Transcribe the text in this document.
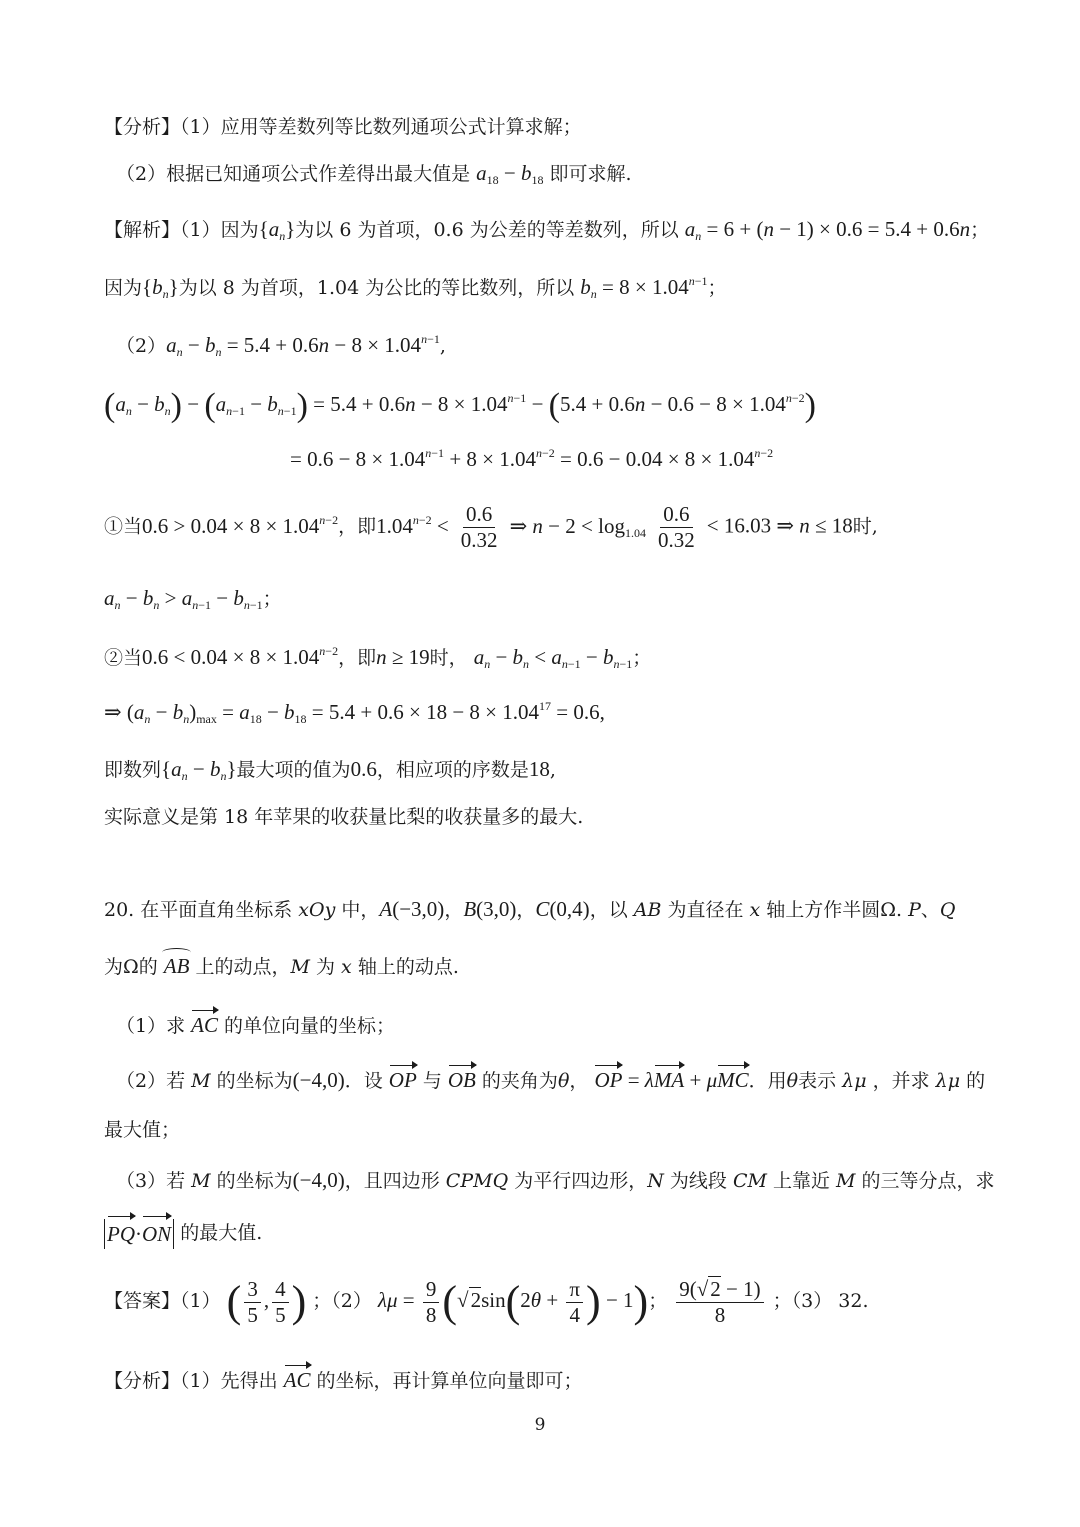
【分析】（1）应用等差数列等比数列通项公式计算求解；
（2）根据已知通项公式作差得出最大值是 $a_{18} - b_{18}$ 即可求解.
【解析】（1）因为$\{a_n\}$为以 6 为首项，0.6 为公差的等差数列，所以 $a_n = 6 + (n - 1) \times 0.6 = 5.4 + 0.6n$；
因为$\{b_n\}$为以 8 为首项，1.04 为公比的等比数列，所以 $b_n = 8 \times 1.04^{n-1}$；
$(2)a_n - b_n = 5.4 + 0.6n - 8 \times 1.04^{n-1}$,
$(a_n - b_n) - (a_{n-1} - b_{n-1}) = 5.4 + 0.6n - 8 \times 1.04^{n-1} - (5.4 + 0.6n - 0.6 - 8 \times 1.04^{n-2})$
= $0.6 - 8 \times 1.04^{n-1} + 8 \times 1.04^{n-2} = 0.6 - 0.04 \times 8 \times 1.04^{n-2}$
①当$0.6 > 0.04 \times 8 \times 1.04^{n-2}$，即$1.04^{n-2} < \frac{0.6}{0.32}$ ⇒ $n - 2 < \log_{1.04} \frac{0.6}{0.32} < 16.03$ ⇒ n ≤ 18时,
$a_n - b_n > a_{n-1} - b_{n-1}$；
②当$0.6 < 0.04 \times 8 \times 1.04^{n-2}$，即n ≥ 19时， $a_n - b_n < a_{n-1} - b_{n-1}$；
⇒ $(a_n - b_n)_{max} = a_{18} - b_{18} = 5.4 + 0.6 \times 18 - 8 \times 1.04^{17} = 0.6$,
即数列$\{a_n - b_n\}$最大项的值为0.6，相应项的序数是18,
实际意义是第 18 年苹果的收获量比梨的收获量多的最大.
20. 在平面直角坐标系 xOy 中，A(−3,0)，B(3,0)，C(0,4)，以 AB 为直径在 x 轴上方作半圆Ω. P、Q
为Ω的 AB 上的动点，M 为 x 轴上的动点.
（1）求 AC 的单位向量的坐标；
（2）若 M 的坐标为(−4,0)．设 OP 与 OB 的夹角为θ， OP = λMA + μMC．用θ表示 λμ ，并求 λμ 的
最大值；
（3）若 M 的坐标为(−4,0)，且四边形 CPMQ 为平行四边形，N 为线段 CM 上靠近 M 的三等分点，求
PQ·ON 的最大值.
【答案】（1） ( $\frac{3}{5}$ , $\frac{4}{5}$ ) ；（2） $\lambda\mu = \frac{9}{8} (√2\sin(2\theta + \frac{\pi}{4}$ ) − 1)； $\frac{9(√2 - 1)}{8}$ ；（3） 32.
【分析】（1）先得出 AC 的坐标，再计算单位向量即可；
9
